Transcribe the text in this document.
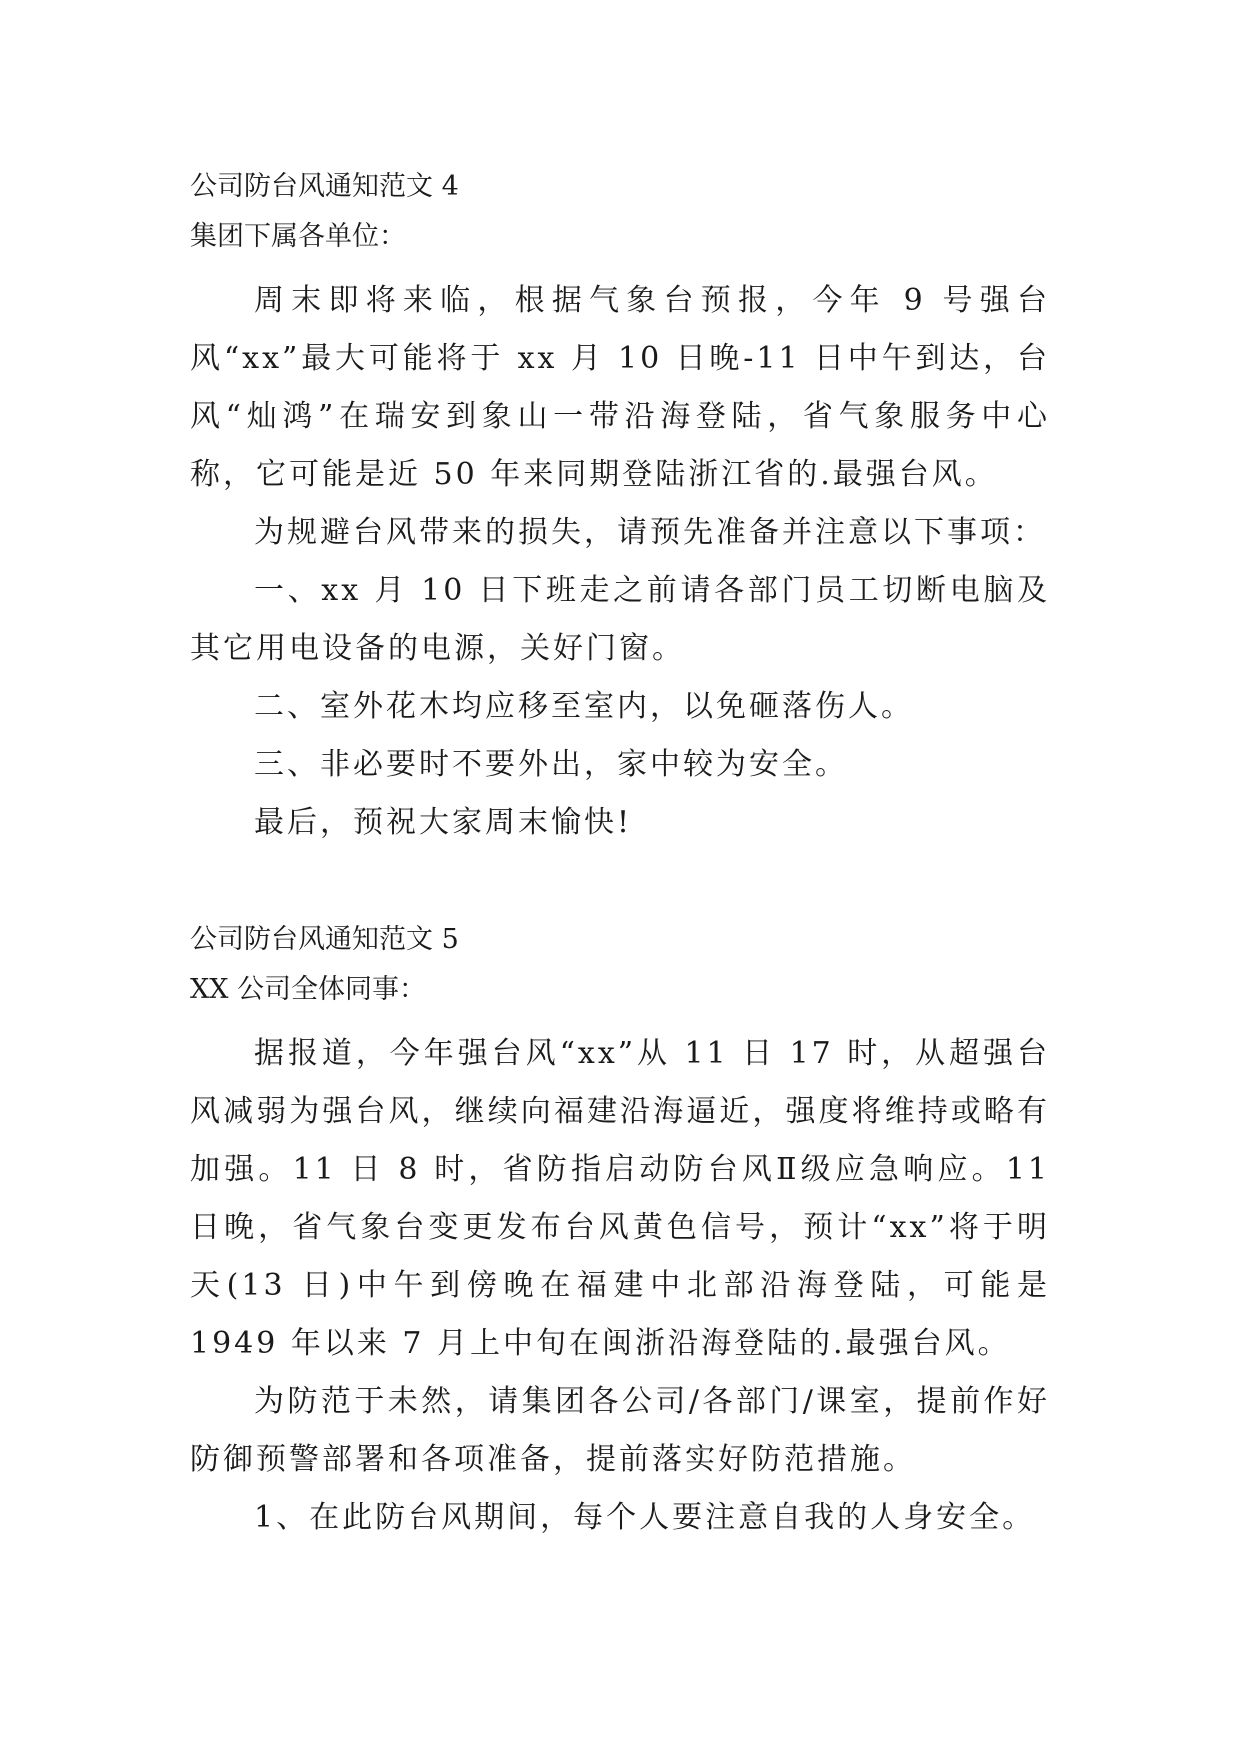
公司防台风通知范文 4

集团下属各单位：

周末即将来临，根据气象台预报，今年 9 号强台风“xx”最大可能将于 xx 月 10 日晚-11 日中午到达，台风“灿鸿”在瑞安到象山一带沿海登陆，省气象服务中心称，它可能是近 50 年来同期登陆浙江省的.最强台风。

为规避台风带来的损失，请预先准备并注意以下事项：

一、xx 月 10 日下班走之前请各部门员工切断电脑及其它用电设备的电源，关好门窗。

二、室外花木均应移至室内，以免砸落伤人。

三、非必要时不要外出，家中较为安全。

最后，预祝大家周末愉快!

公司防台风通知范文 5

XX 公司全体同事：

据报道，今年强台风“xx”从 11 日 17 时，从超强台风减弱为强台风，继续向福建沿海逼近，强度将维持或略有加强。11 日 8 时，省防指启动防台风Ⅱ级应急响应。11 日晚，省气象台变更发布台风黄色信号，预计“xx”将于明天(13 日)中午到傍晚在福建中北部沿海登陆，可能是 1949 年以来 7 月上中旬在闽浙沿海登陆的.最强台风。

为防范于未然，请集团各公司/各部门/课室，提前作好防御预警部署和各项准备，提前落实好防范措施。

1、在此防台风期间，每个人要注意自我的人身安全。
